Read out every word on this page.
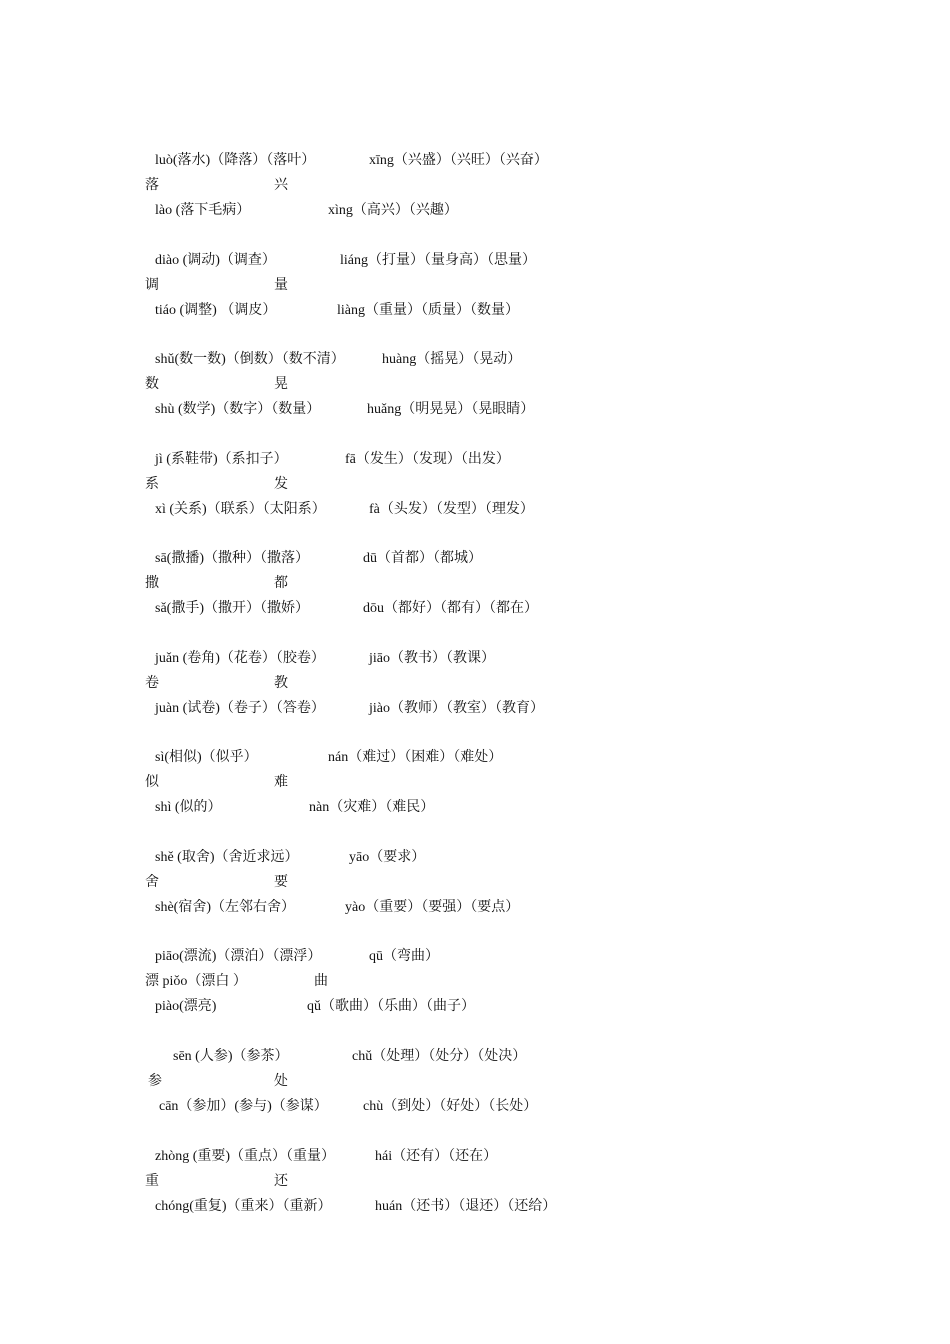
luò(落水)（降落）（落叶）	xīng（兴盛）（兴旺）（兴奋）
落	兴
lào (落下毛病）	xìng（高兴）（兴趣）
diào (调动)（调查）	liáng（打量）（量身高）（思量）
调	量
tiáo (调整) （调皮）	liàng（重量）（质量）（数量）
shǔ(数一数)（倒数）（数不清）	huàng（摇晃）（晃动）
数	晃
shù (数学)（数字）（数量）	huǎng（明晃晃）（晃眼睛）
jì (系鞋带)（系扣子）	fā（发生）（发现）（出发）
系	发
xì (关系)（联系）（太阳系）	fà（头发）（发型）（理发）
sā(撒播)（撒种）（撒落）	dū（首都）（都城）
撒	都
sǎ(撒手)（撒开）（撒娇）	dōu（都好）（都有）（都在）
juǎn (卷角)（花卷）（胶卷）	jiāo（教书）（教课）
卷	教
juàn (试卷)（卷子）（答卷）	jiào（教师）（教室）（教育）
sì(相似)（似乎）	nán（难过）（困难）（难处）
似	难
shì (似的）	nàn（灾难）（难民）
shě (取舍)（舍近求远）	yāo（要求）
舍	要
shè(宿舍)（左邻右舍）	yào（重要）（要强）（要点）
piāo(漂流)（漂泊）（漂浮）	qū（弯曲）
漂 piǒo（漂白 ）	曲
piào(漂亮)	qǔ（歌曲）（乐曲）（曲子）
sēn (人参)（参茶）	chǔ（处理）（处分）（处决）
参	处
cān（参加）(参与)（参谋）	chù（到处）（好处）（长处）
zhòng (重要)（重点）（重量）	hái（还有）（还在）
重	还
chóng(重复)（重来）（重新）	huán（还书）（退还）（还给）
